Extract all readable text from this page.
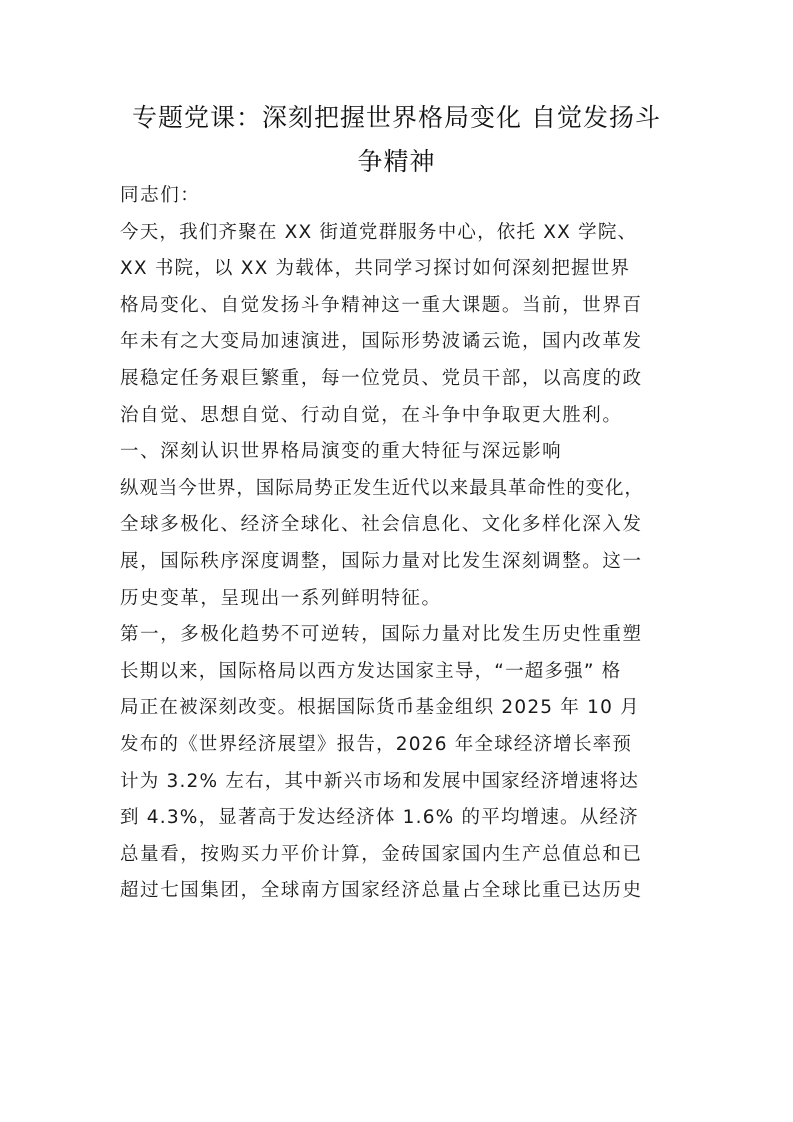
专题党课：深刻把握世界格局变化 自觉发扬斗
争精神
同志们：
今天，我们齐聚在 XX 街道党群服务中心，依托 XX 学院、
XX 书院，以 XX 为载体，共同学习探讨如何深刻把握世界
格局变化、自觉发扬斗争精神这一重大课题。当前，世界百
年未有之大变局加速演进，国际形势波谲云诡，国内改革发
展稳定任务艰巨繁重，每一位党员、党员干部，以高度的政
治自觉、思想自觉、行动自觉，在斗争中争取更大胜利。
一、深刻认识世界格局演变的重大特征与深远影响
纵观当今世界，国际局势正发生近代以来最具革命性的变化，
全球多极化、经济全球化、社会信息化、文化多样化深入发
展，国际秩序深度调整，国际力量对比发生深刻调整。这一
历史变革，呈现出一系列鲜明特征。
第一，多极化趋势不可逆转，国际力量对比发生历史性重塑
长期以来，国际格局以西方发达国家主导，“一超多强” 格
局正在被深刻改变。根据国际货币基金组织 2025 年 10 月
发布的《世界经济展望》报告，2026 年全球经济增长率预
计为 3.2% 左右，其中新兴市场和发展中国家经济增速将达
到 4.3%，显著高于发达经济体 1.6% 的平均增速。从经济
总量看，按购买力平价计算，金砖国家国内生产总值总和已
超过七国集团，全球南方国家经济总量占全球比重已达历史
